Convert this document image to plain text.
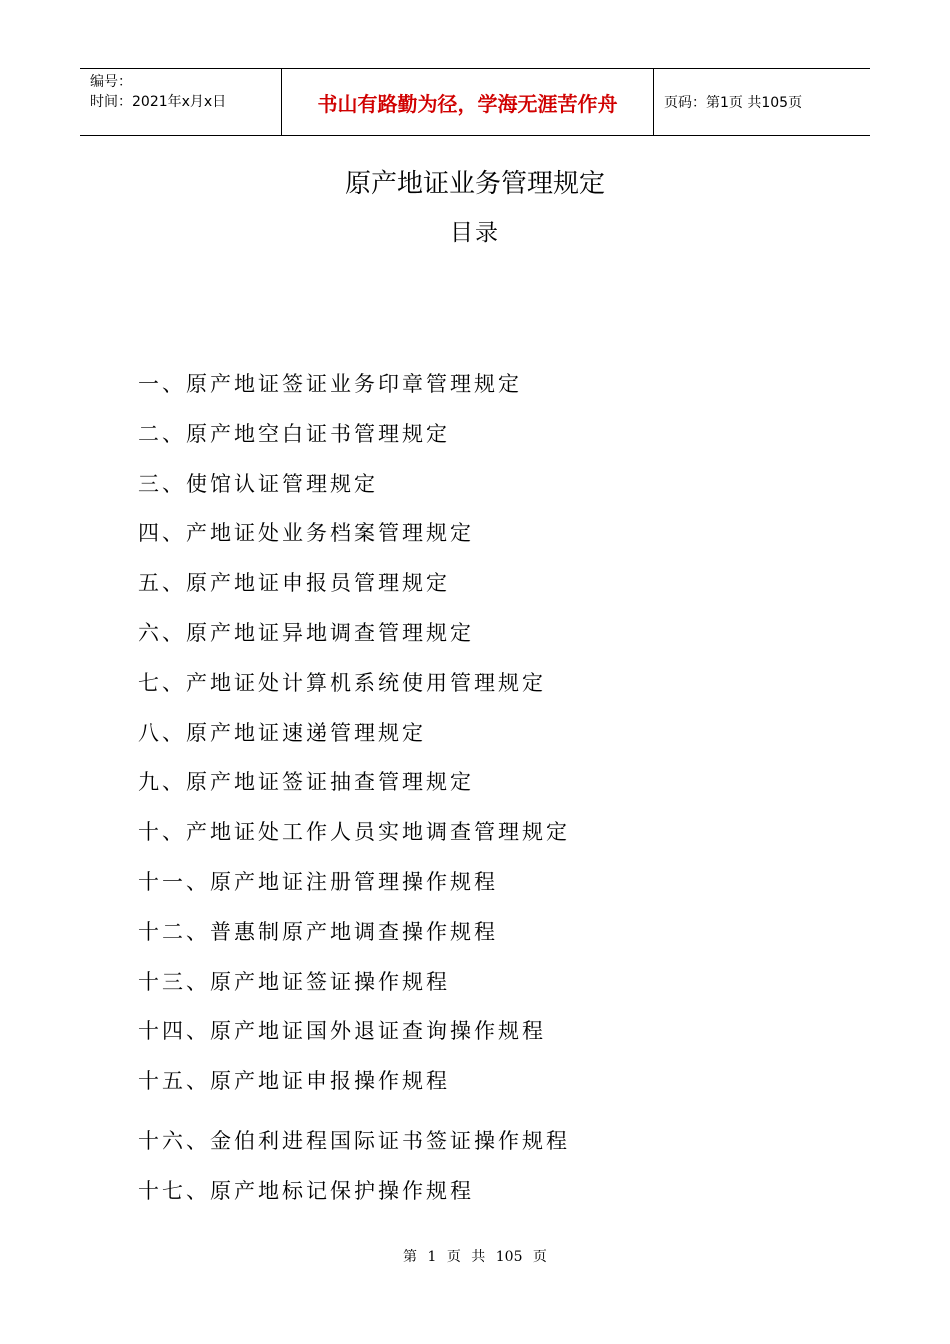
编号：
时间：2021年x月x日	书山有路勤为径，学海无涯苦作舟	页码：第1页 共105页
原产地证业务管理规定
目录
一、原产地证签证业务印章管理规定
二、原产地空白证书管理规定
三、使馆认证管理规定
四、产地证处业务档案管理规定
五、原产地证申报员管理规定
六、原产地证异地调查管理规定
七、产地证处计算机系统使用管理规定
八、原产地证速递管理规定
九、原产地证签证抽查管理规定
十、产地证处工作人员实地调查管理规定
十一、原产地证注册管理操作规程
十二、普惠制原产地调查操作规程
十三、原产地证签证操作规程
十四、原产地证国外退证查询操作规程
十五、原产地证申报操作规程
十六、金伯利进程国际证书签证操作规程
十七、原产地标记保护操作规程
第 1 页 共 105 页
